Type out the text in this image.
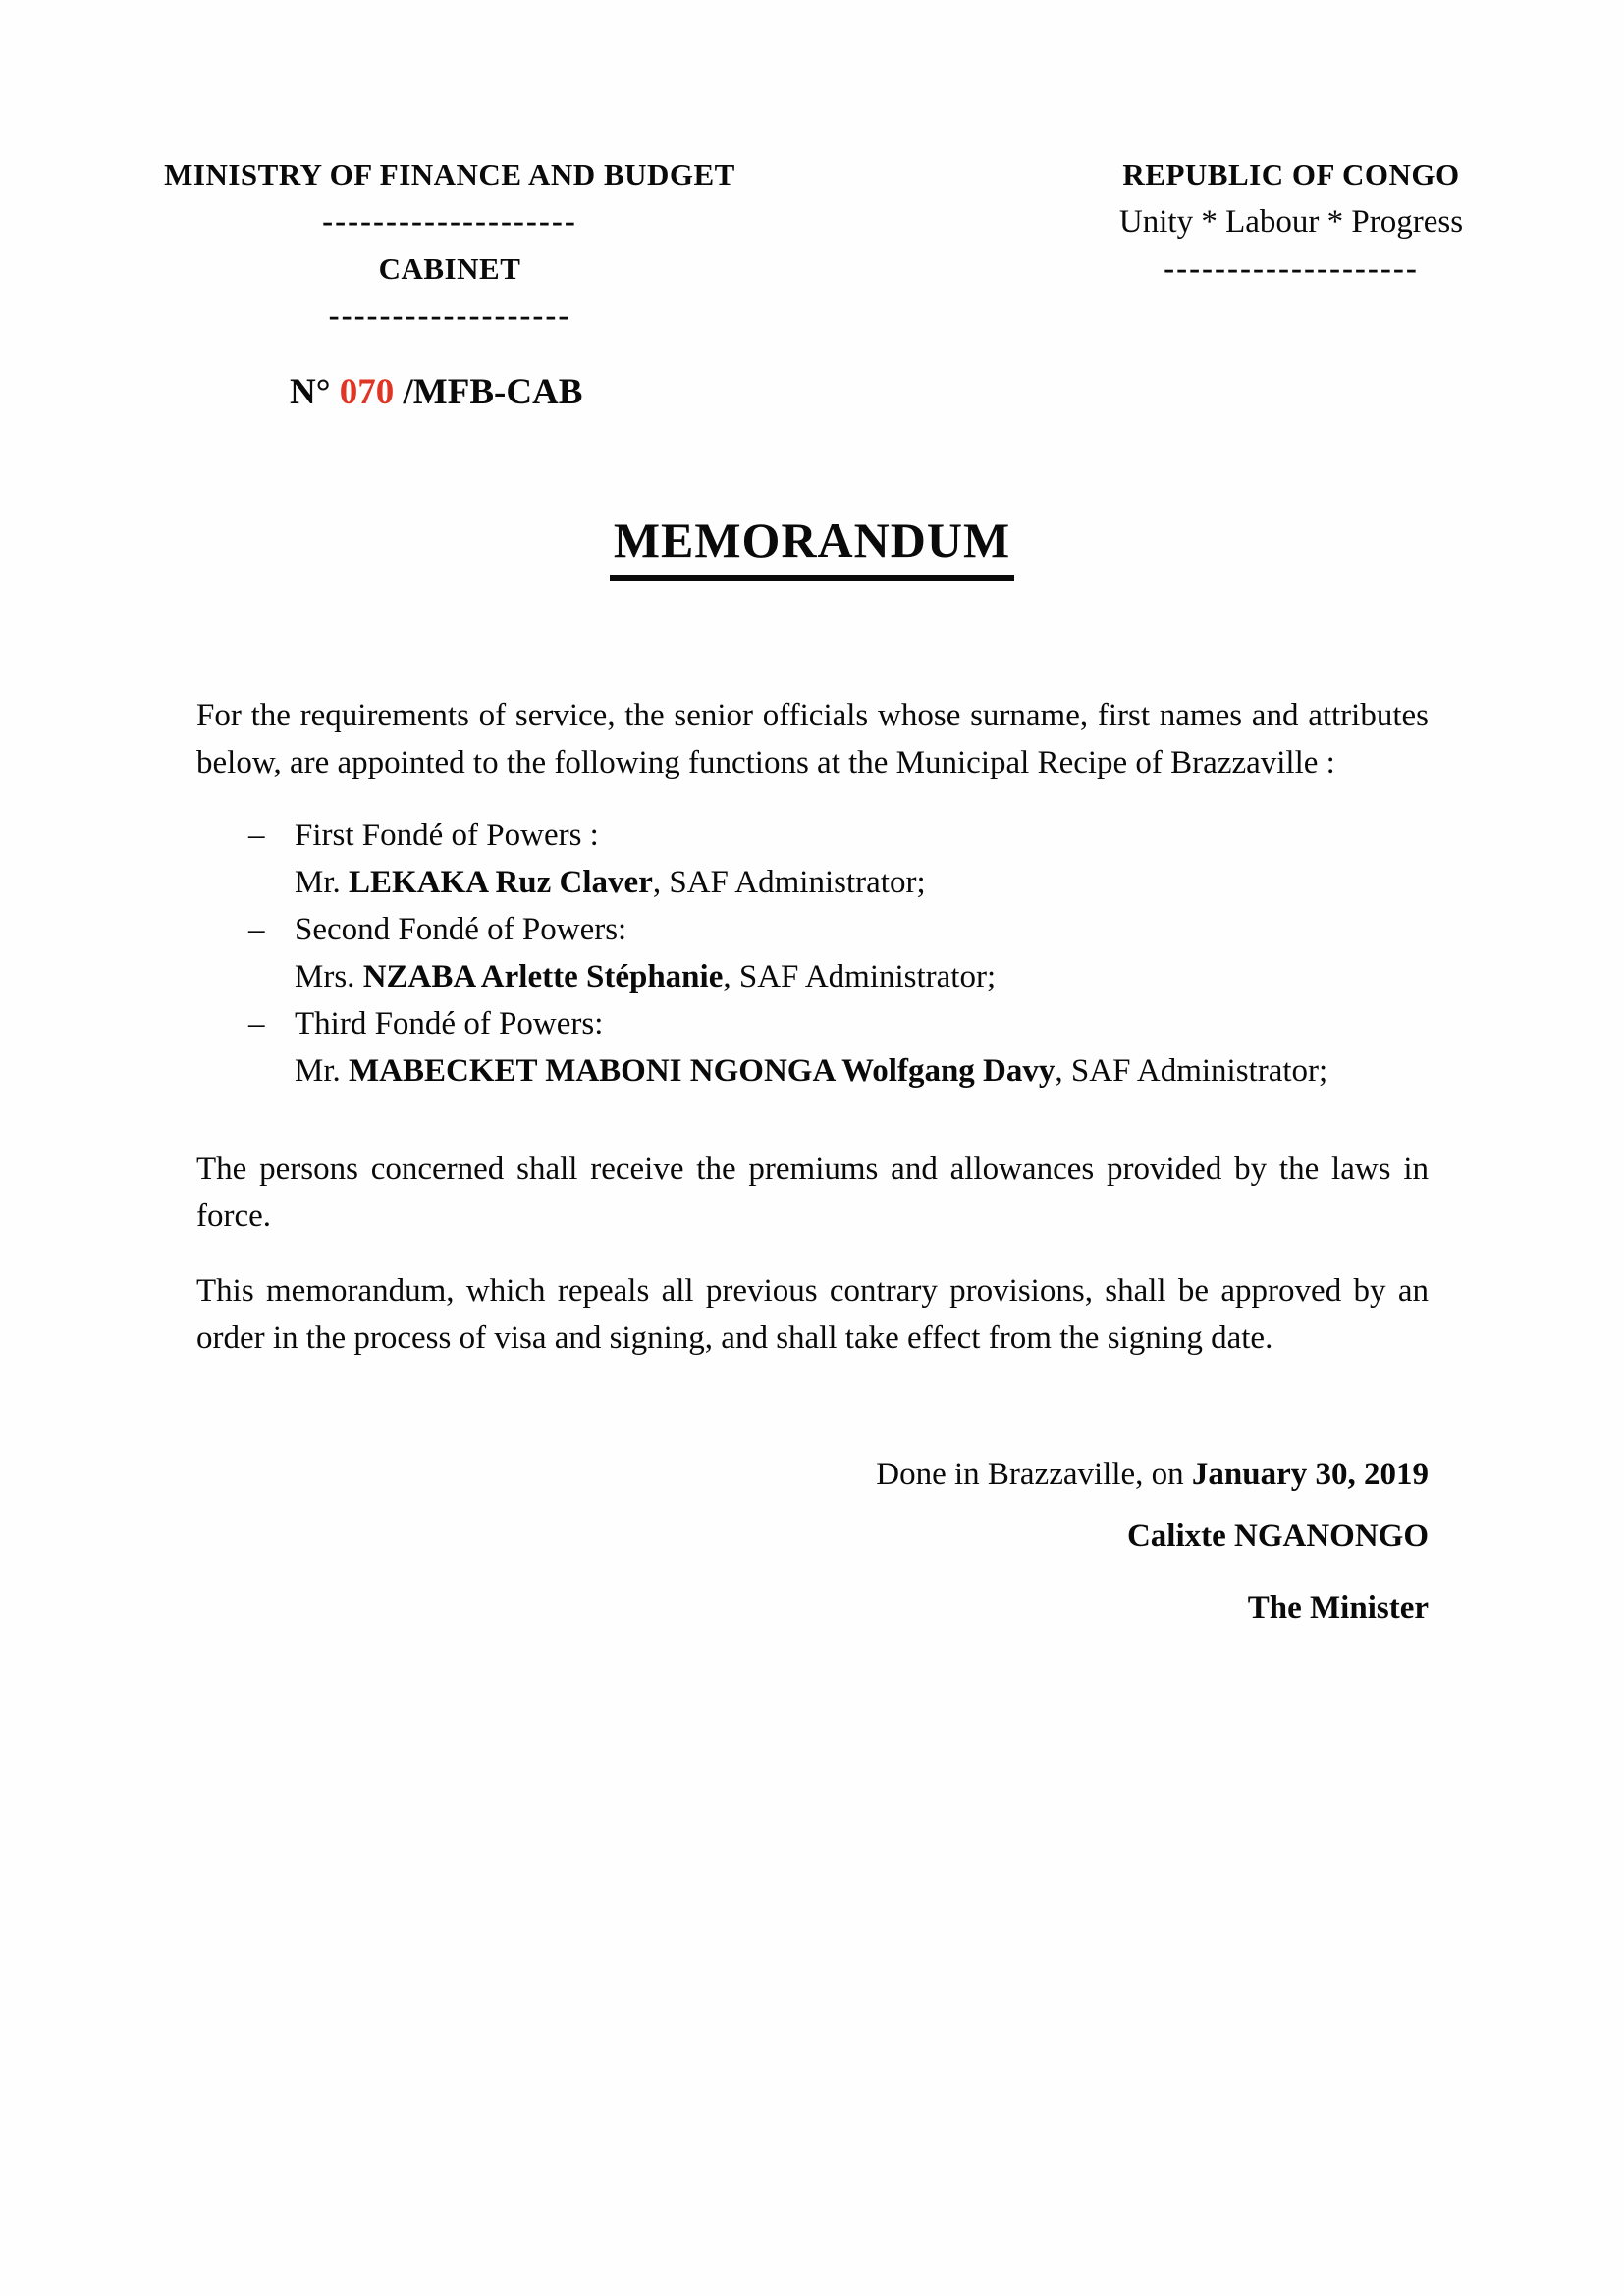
MINISTRY OF FINANCE AND BUDGET
--------------------
CABINET
-------------------
REPUBLIC OF CONGO
Unity * Labour * Progress
--------------------
N° 070 /MFB-CAB
MEMORANDUM

For the requirements of service, the senior officials whose surname, first names and attributes below, are appointed to the following functions at the Municipal Recipe of Brazzaville :

– First Fondé of Powers :
Mr. LEKAKA Ruz Claver, SAF Administrator;
– Second Fondé of Powers:
Mrs. NZABA Arlette Stéphanie, SAF Administrator;
– Third Fondé of Powers:
Mr. MABECKET MABONI NGONGA Wolfgang Davy, SAF Administrator;

The persons concerned shall receive the premiums and allowances provided by the laws in force.

This memorandum, which repeals all previous contrary provisions, shall be approved by an order in the process of visa and signing, and shall take effect from the signing date.

Done in Brazzaville, on January 30, 2019
Calixte NGANONGO
The Minister
